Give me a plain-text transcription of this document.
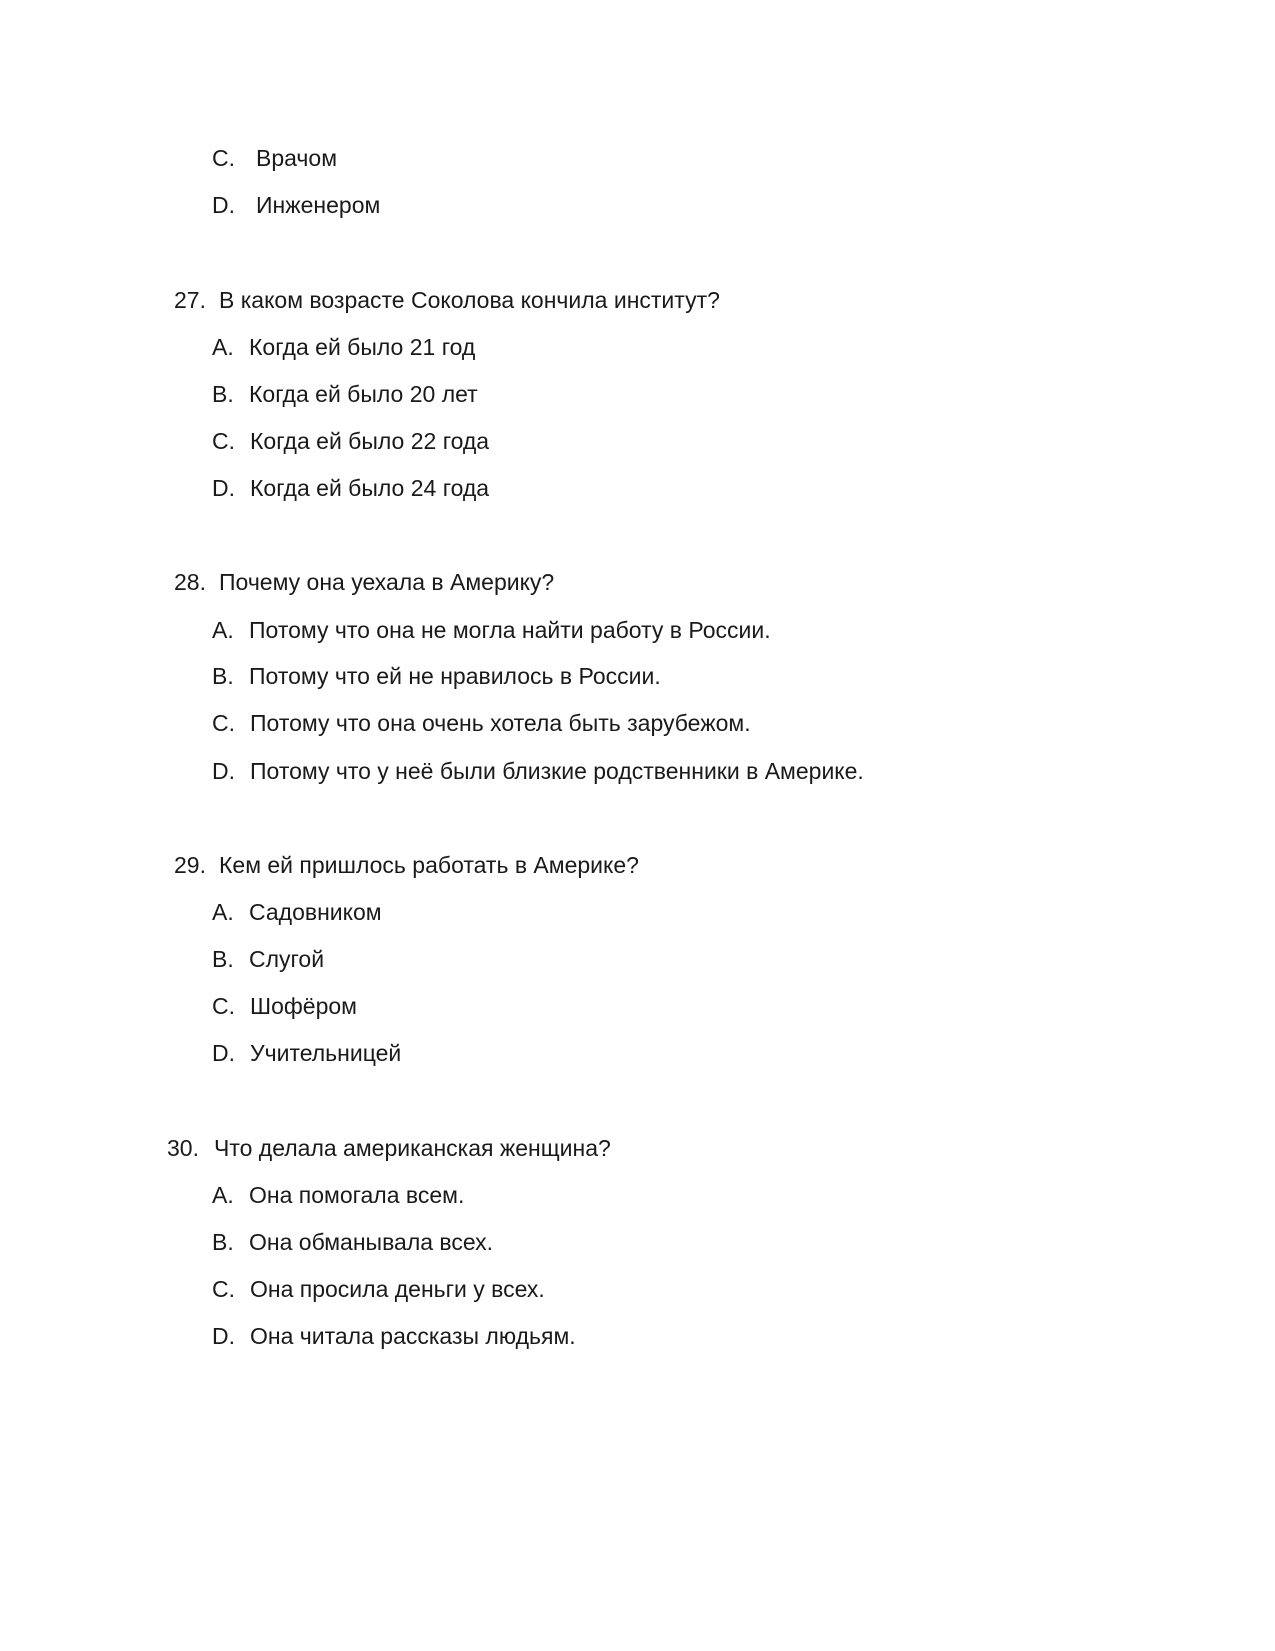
C. Врачом
D. Инженером
27. В каком возрасте Соколова кончила институт?
A. Когда ей было 21 год
B. Когда ей было 20 лет
C. Когда ей было 22 года
D. Когда ей было 24 года
28. Почему она уехала в Америку?
A. Потому что она не могла найти работу в России.
B. Потому что ей не нравилось в России.
C. Потому что она очень хотела быть зарубежом.
D. Потому что у неё были близкие родственники в Америке.
29. Кем ей пришлось работать в Америке?
A. Садовником
B. Слугой
C. Шофёром
D. Учительницей
30. Что делала американская женщина?
A. Она помогала всем.
B. Она обманывала всех.
C. Она просила деньги у всех.
D. Она читала рассказы людьям.
